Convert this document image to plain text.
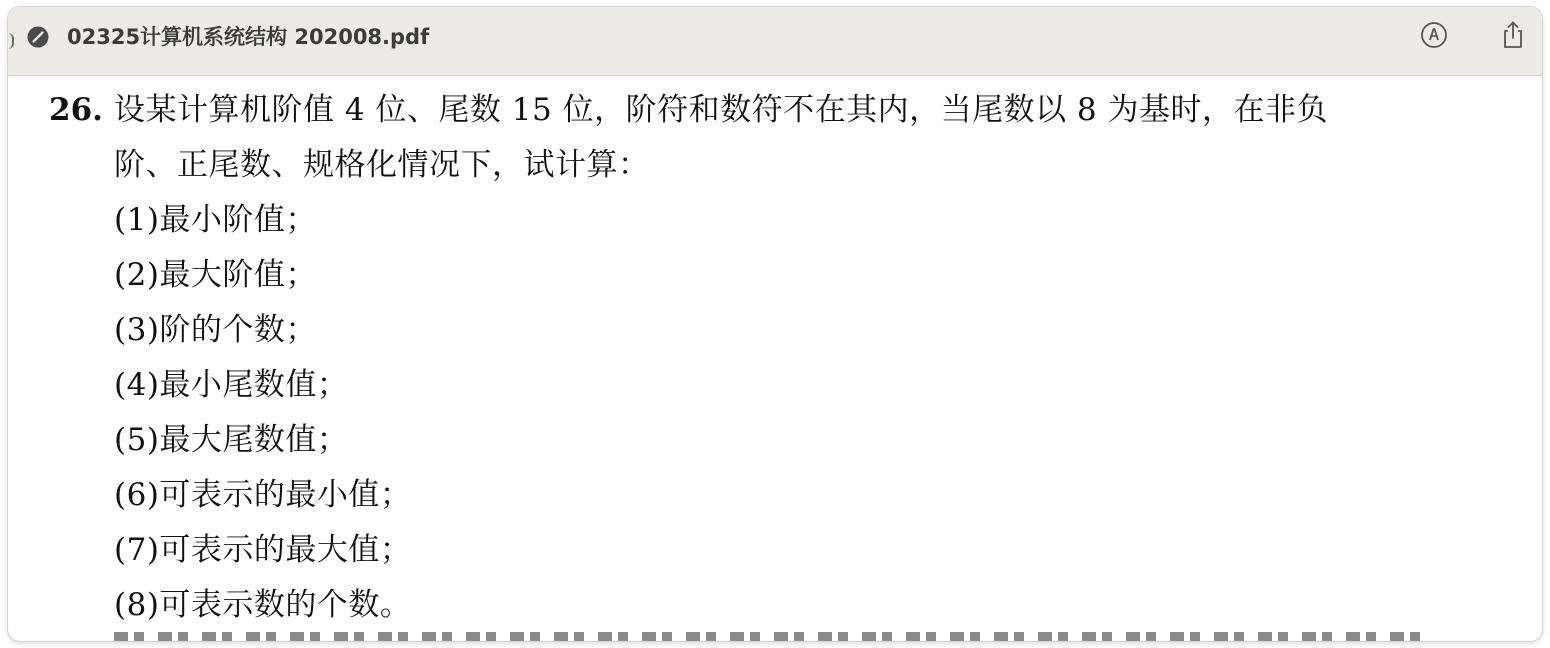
02325计算机系统结构 202008.pdf
26. 设某计算机阶值 4 位、尾数 15 位，阶符和数符不在其内，当尾数以 8 为基时，在非负
阶、正尾数、规格化情况下，试计算：
(1)最小阶值；
(2)最大阶值；
(3)阶的个数；
(4)最小尾数值；
(5)最大尾数值；
(6)可表示的最小值；
(7)可表示的最大值；
(8)可表示数的个数。
